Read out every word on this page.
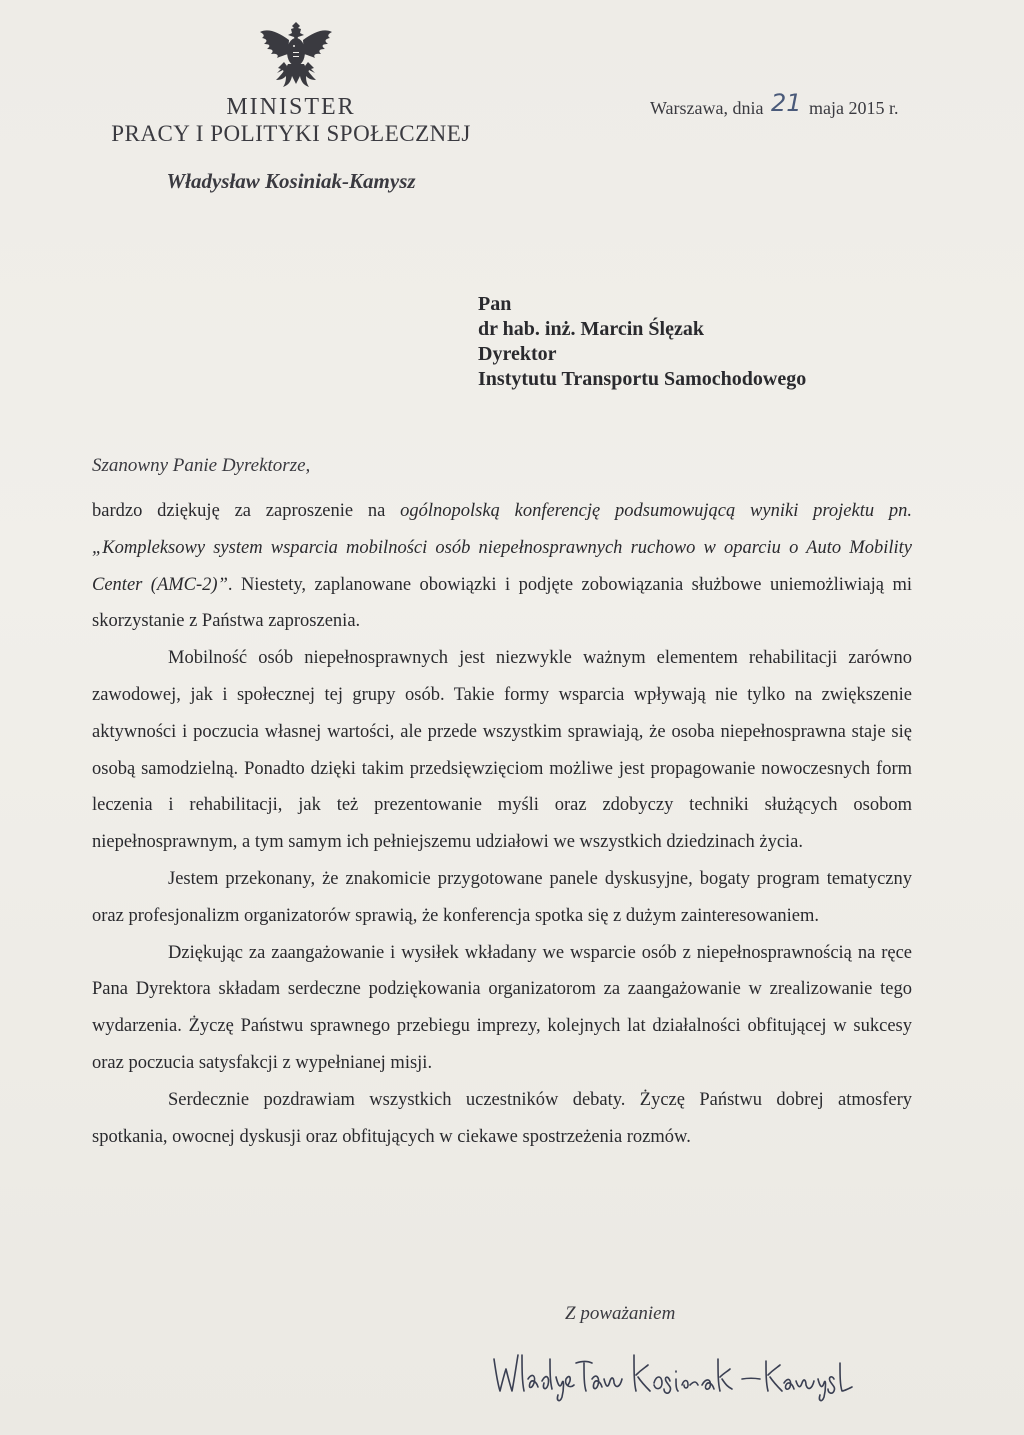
MINISTER
PRACY I POLITYKI SPOŁECZNEJ
Władysław Kosiniak-Kamysz
Warszawa, dnia 21 maja 2015 r.
Pan
dr hab. inż. Marcin Ślęzak
Dyrektor
Instytutu Transportu Samochodowego
Szanowny Panie Dyrektorze,

bardzo dziękuję za zaproszenie na ogólnopolską konferencję podsumowującą wyniki projektu pn. „Kompleksowy system wsparcia mobilności osób niepełnosprawnych ruchowo w oparciu o Auto Mobility Center (AMC-2)”. Niestety, zaplanowane obowiązki i podjęte zobowiązania służbowe uniemożliwiają mi skorzystanie z Państwa zaproszenia.

Mobilność osób niepełnosprawnych jest niezwykle ważnym elementem rehabilitacji zarówno zawodowej, jak i społecznej tej grupy osób. Takie formy wsparcia wpływają nie tylko na zwiększenie aktywności i poczucia własnej wartości, ale przede wszystkim sprawiają, że osoba niepełnosprawna staje się osobą samodzielną. Ponadto dzięki takim przedsięwzięciom możliwe jest propagowanie nowoczesnych form leczenia i rehabilitacji, jak też prezentowanie myśli oraz zdobyczy techniki służących osobom niepełnosprawnym, a tym samym ich pełniejszemu udziałowi we wszystkich dziedzinach życia.

Jestem przekonany, że znakomicie przygotowane panele dyskusyjne, bogaty program tematyczny oraz profesjonalizm organizatorów sprawią, że konferencja spotka się z dużym zainteresowaniem.

Dziękując za zaangażowanie i wysiłek wkładany we wsparcie osób z niepełnosprawnością na ręce Pana Dyrektora składam serdeczne podziękowania organizatorom za zaangażowanie w zrealizowanie tego wydarzenia. Życzę Państwu sprawnego przebiegu imprezy, kolejnych lat działalności obfitującej w sukcesy oraz poczucia satysfakcji z wypełnianej misji.

Serdecznie pozdrawiam wszystkich uczestników debaty. Życzę Państwu dobrej atmosfery spotkania, owocnej dyskusji oraz obfitujących w ciekawe spostrzeżenia rozmów.

Z poważaniem
